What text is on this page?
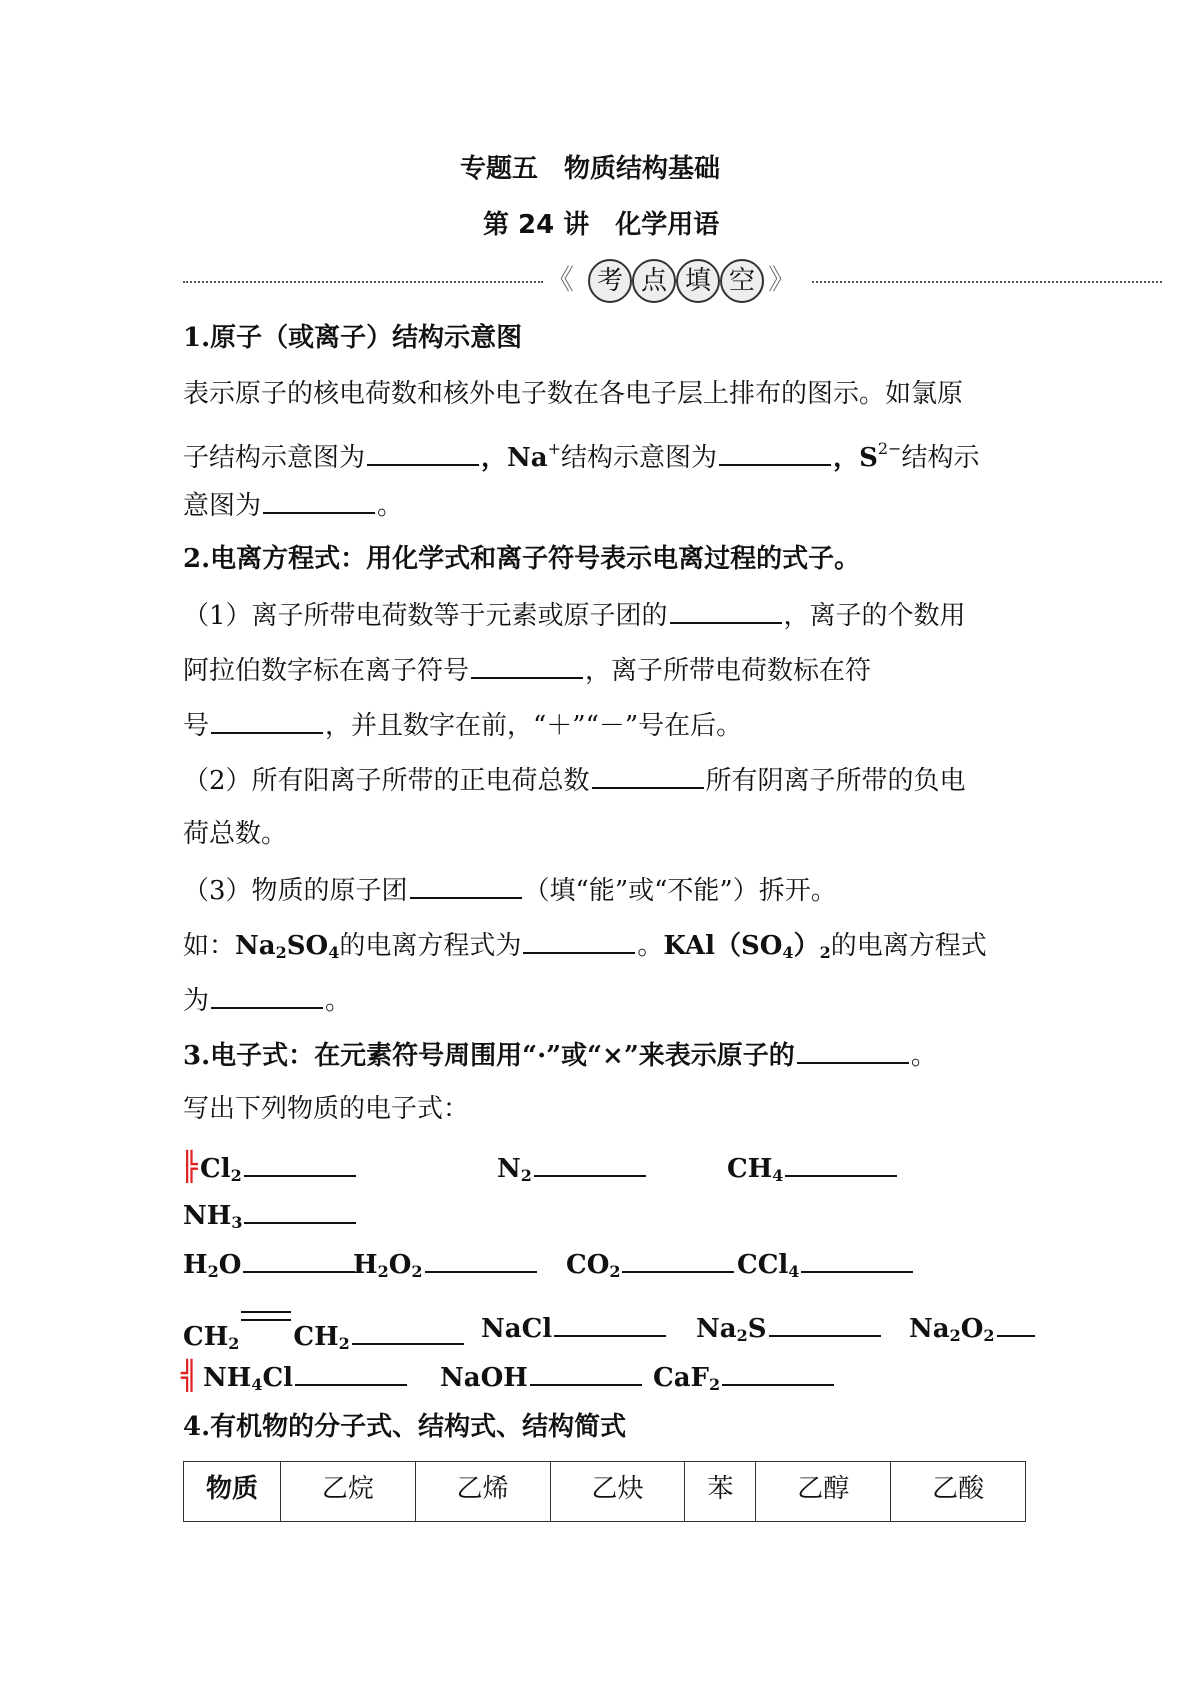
专题五　物质结构基础
第 24 讲　化学用语
《 考 点 填 空 》
1.原子（或离子）结构示意图
表示原子的核电荷数和核外电子数在各电子层上排布的图示。如氯原
子结构示意图为	，Na+结构示意图为	，$S^{2-}$结构示
意图为	。
2.电离方程式：用化学式和离子符号表示电离过程的式子。
（1）离子所带电荷数等于元素或原子团的	，离子的个数用
阿拉伯数字标在离子符号	，离子所带电荷数标在符
号	，并且数字在前，“＋”“－”号在后。
（2）所有阳离子所带的正电荷总数	所有阴离子所带的负电
荷总数。
（3）物质的原子团	（填“能”或“不能”）拆开。
如：$Na_2SO_4$的电离方程式为	。$KAl(SO_4)_2$的电离方程式
为	。
3.电子式：在元素符号周围用“·”或“×”来表示原子的	。
写出下列物质的电子式：
╠ $Cl_2$	$N_2$	$CH_4$
$NH_3$
$H_2O$	$H_2O_2$	$CO_2$	CCl$_4$
$CH_2$ $CH_2$	NaCl	$Na_2S$	$Na_2O_2$
╣ $NH_4Cl$	NaOH	CaF$_2$
4.有机物的分子式、结构式、结构简式
物质	乙烷	乙烯	乙炔	苯	乙醇	乙酸
